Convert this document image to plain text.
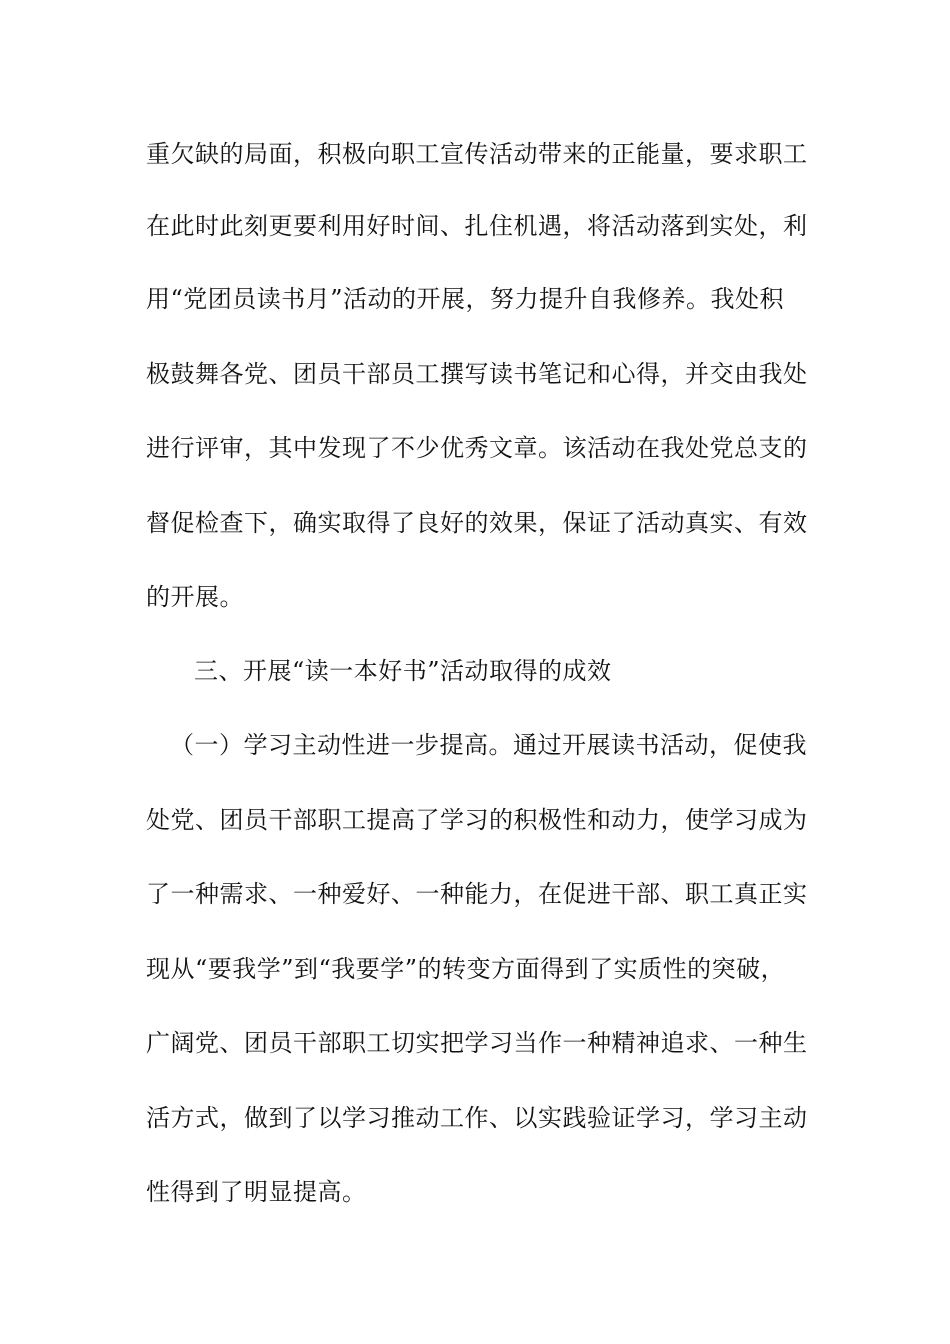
重欠缺的局面，积极向职工宣传活动带来的正能量，要求职工
在此时此刻更要利用好时间、扎住机遇，将活动落到实处，利
用“党团员读书月”活动的开展，努力提升自我修养。我处积
极鼓舞各党、团员干部员工撰写读书笔记和心得，并交由我处
进行评审，其中发现了不少优秀文章。该活动在我处党总支的
督促检查下，确实取得了良好的效果，保证了活动真实、有效
的开展。
三、开展“读一本好书”活动取得的成效
（一）学习主动性进一步提高。通过开展读书活动，促使我
处党、团员干部职工提高了学习的积极性和动力，使学习成为
了一种需求、一种爱好、一种能力，在促进干部、职工真正实
现从“要我学”到“我要学”的转变方面得到了实质性的突破，
广阔党、团员干部职工切实把学习当作一种精神追求、一种生
活方式，做到了以学习推动工作、以实践验证学习，学习主动
性得到了明显提高。
